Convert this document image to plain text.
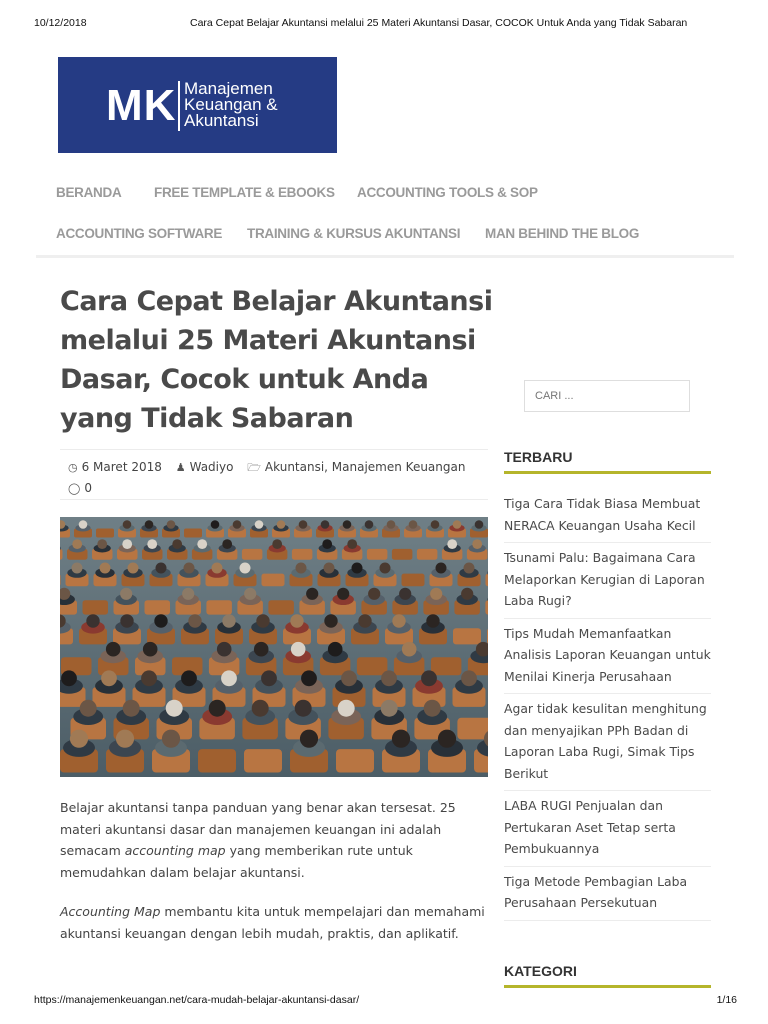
10/12/2018	Cara Cepat Belajar Akuntansi melalui 25 Materi Akuntansi Dasar, COCOK Untuk Anda yang Tidak Sabaran
MK Manajemen
Keuangan &
Akuntansi
BERANDA FREE TEMPLATE & EBOOKS ACCOUNTING TOOLS & SOP
ACCOUNTING SOFTWARE TRAINING & KURSUS AKUNTANSI MAN BEHIND THE BLOG
Cara Cepat Belajar Akuntansi melalui 25 Materi Akuntansi Dasar, Cocok untuk Anda yang Tidak Sabaran
◷ 6 Maret 2018 ♟ Wadiyo 🗁 Akuntansi, Manajemen Keuangan
◯ 0

Belajar akuntansi tanpa panduan yang benar akan tersesat. 25 materi akuntansi dasar dan manajemen keuangan ini adalah semacam accounting map yang memberikan rute untuk memudahkan dalam belajar akuntansi.

Accounting Map membantu kita untuk mempelajari dan memahami akuntansi keuangan dengan lebih mudah, praktis, dan aplikatif.

CARI ...
TERBARU
Tiga Cara Tidak Biasa Membuat NERACA Keuangan Usaha Kecil
Tsunami Palu: Bagaimana Cara Melaporkan Kerugian di Laporan Laba Rugi?
Tips Mudah Memanfaatkan Analisis Laporan Keuangan untuk Menilai Kinerja Perusahaan
Agar tidak kesulitan menghitung dan menyajikan PPh Badan di Laporan Laba Rugi, Simak Tips Berikut
LABA RUGI Penjualan dan Pertukaran Aset Tetap serta Pembukuannya
Tiga Metode Pembagian Laba Perusahaan Persekutuan
KATEGORI
https://manajemenkeuangan.net/cara-mudah-belajar-akuntansi-dasar/	1/16
